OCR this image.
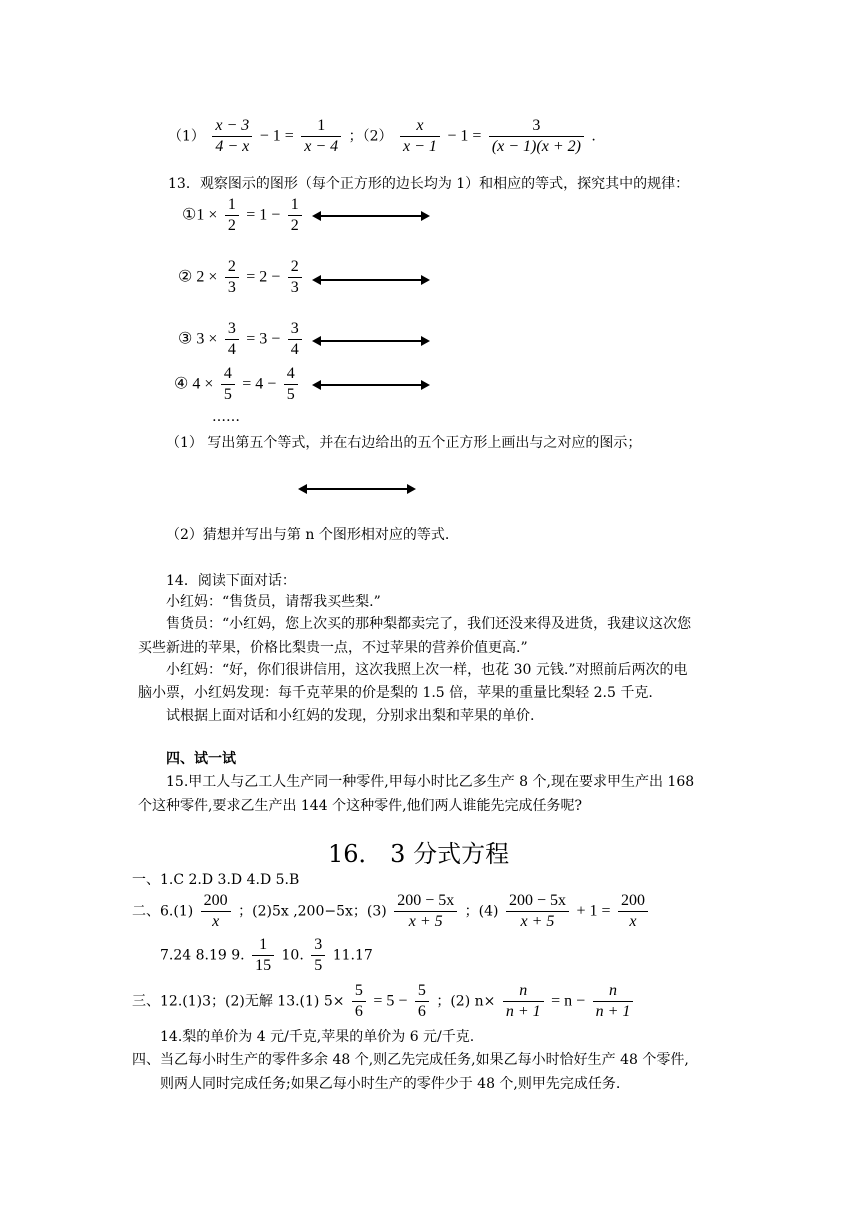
$(1) \frac{x - 3}{4 - x} - 1 = \frac{1}{x - 4}$ ；$(2) \frac{x}{x - 1} - 1 = \frac{3}{(x - 1)(x + 2)}$ .
13．观察图示的图形（每个正方形的边长均为 1）和相应的等式，探究其中的规律：
①1 × $\frac{1}{2} = 1 - \frac{1}{2}$
② $2 \times \frac{2}{3} = 2 - \frac{2}{3}$
③ $3 \times \frac{3}{4} = 3 - \frac{3}{4}$
④ $4 \times \frac{4}{5} = 4 - \frac{4}{5}$
……
（1） 写出第五个等式，并在右边给出的五个正方形上画出与之对应的图示；
（2）猜想并写出与第 n 个图形相对应的等式.
14．阅读下面对话：
小红妈：“售货员，请帮我买些梨.”
售货员：“小红妈，您上次买的那种梨都卖完了，我们还没来得及进货，我建议这次您
买些新进的苹果，价格比梨贵一点，不过苹果的营养价值更高.”
小红妈：“好，你们很讲信用，这次我照上次一样，也花 30 元钱.”对照前后两次的电
脑小票，小红妈发现：每千克苹果的价是梨的 1.5 倍，苹果的重量比梨轻 2.5 千克.
试根据上面对话和小红妈的发现，分别求出梨和苹果的单价.
四、试一试
15.甲工人与乙工人生产同一种零件,甲每小时比乙多生产 8 个,现在要求甲生产出 168
个这种零件,要求乙生产出 144 个这种零件,他们两人谁能先完成任务呢?
16． 3 分式方程
一、1.C 2.D 3.D 4.D 5.B
二、$6.(1) \frac{200}{x}$ ；(2)5x ,200−5x；$(3) \frac{200 - 5x}{x + 5}$ ；$(4) \frac{200 - 5x}{x + 5} + 1 = \frac{200}{x}$
7.24 8.19 9. $\frac{1}{15} 10$. $\frac{3}{5} 11.17$
三、12.(1)3；(2)无解 13.(1) $5\times \frac{5}{6} = 5 - \frac{5}{6}$ ；(2) $n\times \frac{n}{n + 1} = n - \frac{n}{n + 1}$
14.梨的单价为 4 元/千克,苹果的单价为 6 元/千克.
四、当乙每小时生产的零件多余 48 个,则乙先完成任务,如果乙每小时恰好生产 48 个零件,
则两人同时完成任务;如果乙每小时生产的零件少于 48 个,则甲先完成任务.
